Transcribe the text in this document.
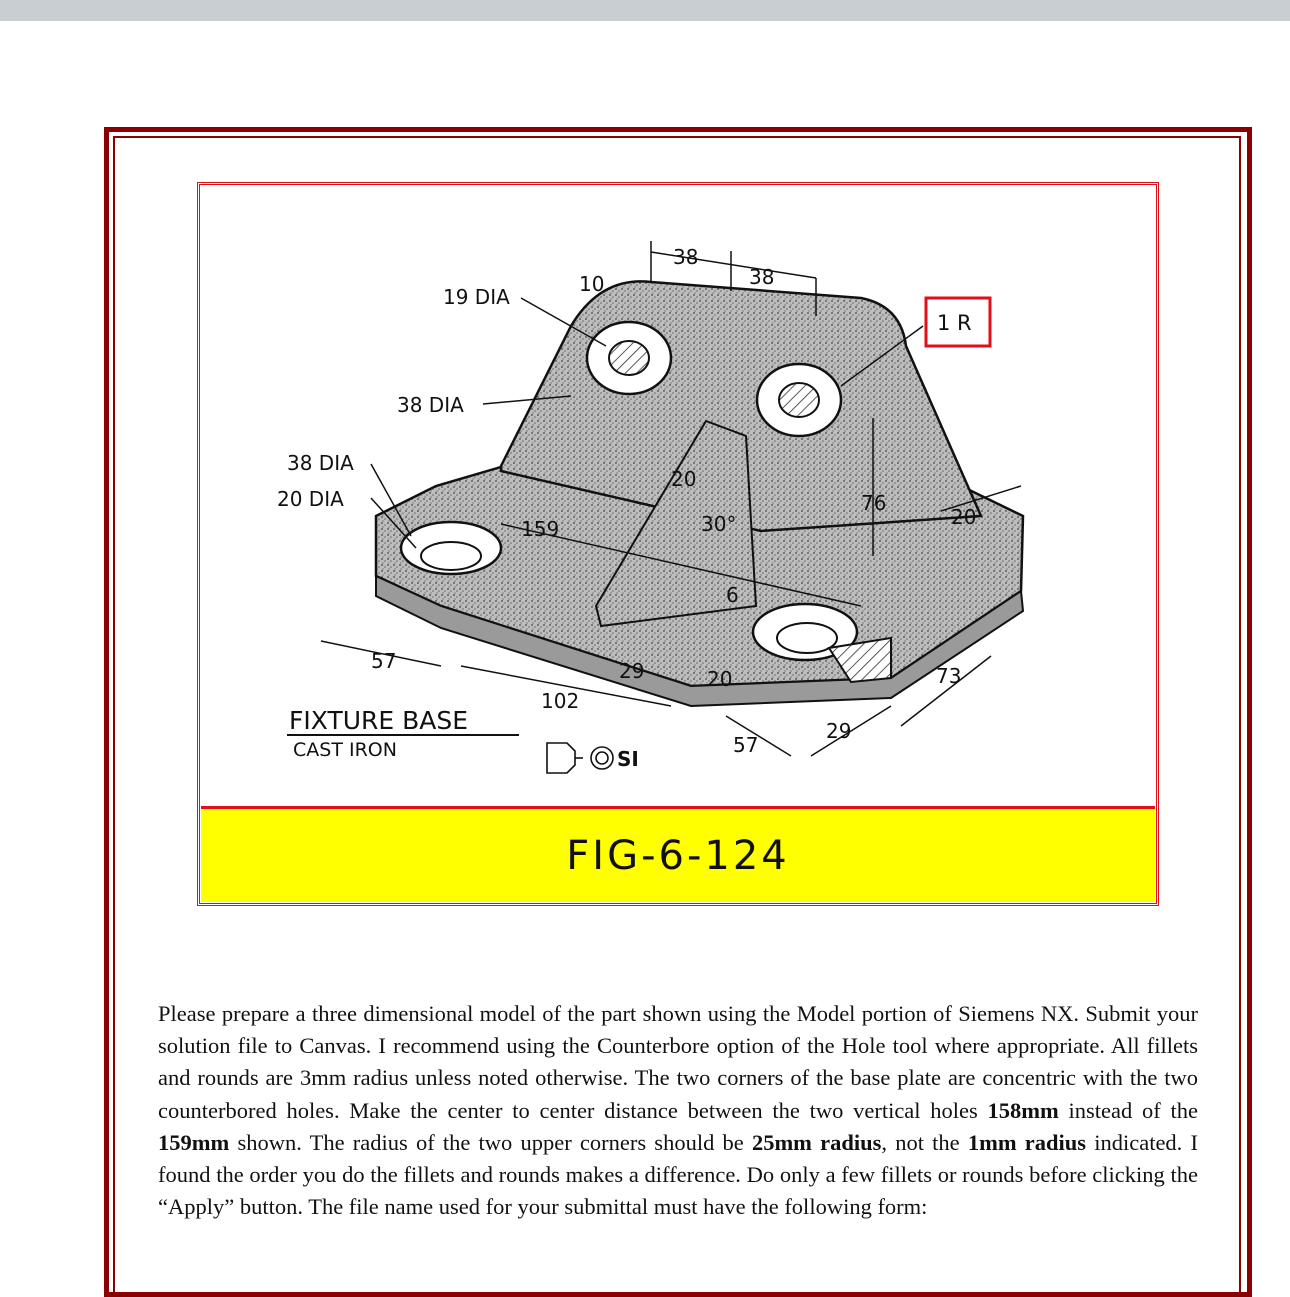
19 DIA
10
38
38
38 DIA
38 DIA
20 DIA
159
20
30°
76
20
6
57
102
29	20
57
29
73
1 R
FIXTURE BASE
CAST IRON	SI
FIG-6-124

Please prepare a three dimensional model of the part shown using the Model portion of Siemens NX. Submit your solution file to Canvas. I recommend using the Counterbore option of the Hole tool where appropriate. All fillets and rounds are 3mm radius unless noted otherwise. The two corners of the base plate are concentric with the two counterbored holes. Make the center to center distance between the two vertical holes 158mm instead of the 159mm shown. The radius of the two upper corners should be 25mm radius, not the 1mm radius indicated. I found the order you do the fillets and rounds makes a difference. Do only a few fillets or rounds before clicking the “Apply” button. The file name used for your submittal must have the following form:
